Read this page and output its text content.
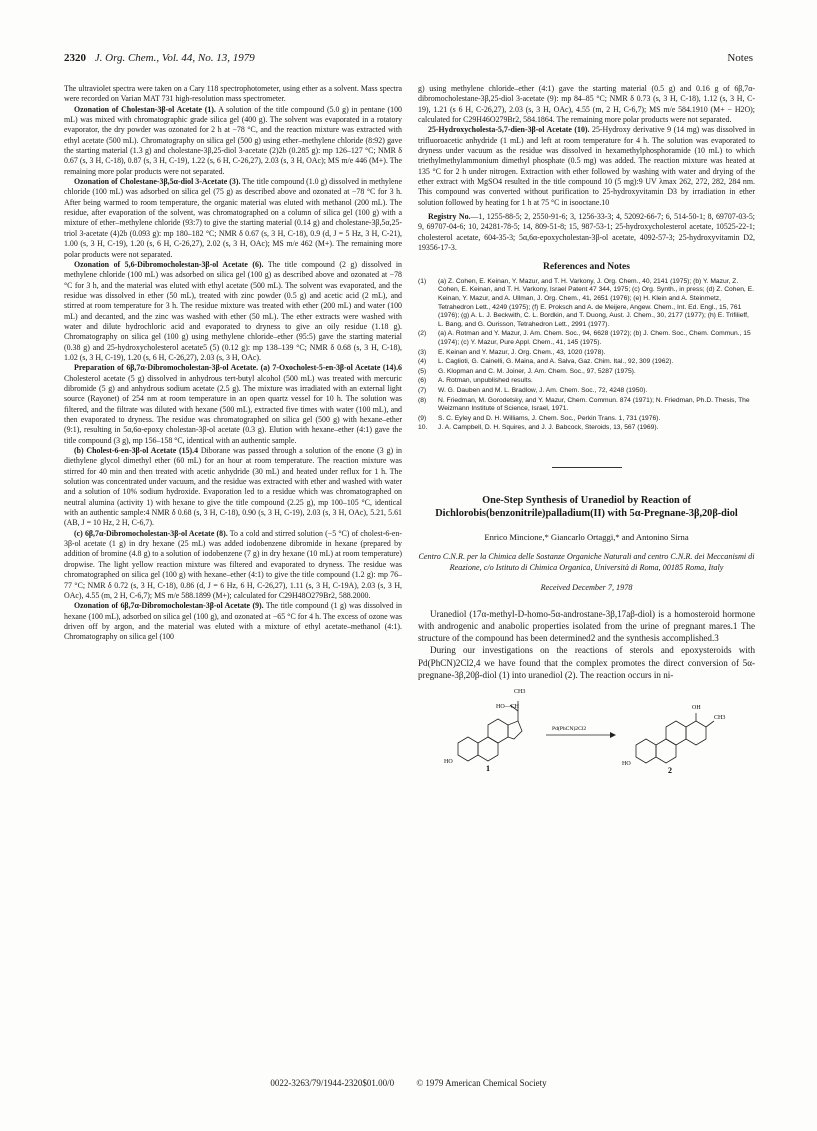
2320 J. Org. Chem., Vol. 44, No. 13, 1979	Notes

The ultraviolet spectra were taken on a Cary 118 spectrophotometer, using ether as a solvent. Mass spectra were recorded on Varian MAT 731 high-resolution mass spectrometer.

Ozonation of Cholestan-3β-ol Acetate (1). A solution of the title compound (5.0 g) in pentane (100 mL) was mixed with chromatographic grade silica gel (400 g). The solvent was evaporated in a rotatory evaporator, the dry powder was ozonated for 2 h at −78 °C, and the reaction mixture was extracted with ethyl acetate (500 mL). Chromatography on silica gel (500 g) using ether–methylene chloride (8:92) gave the starting material (1.3 g) and cholestane-3β,25-diol 3-acetate (2)2b (0.285 g): mp 126–127 °C; NMR δ 0.67 (s, 3 H, C-18), 0.87 (s, 3 H, C-19), 1.22 (s, 6 H, C-26,27), 2.03 (s, 3 H, OAc); MS m/e 446 (M+). The remaining more polar products were not separated.

Ozonation of Cholestane-3β,5α-diol 3-Acetate (3). The title compound (1.0 g) dissolved in methylene chloride (100 mL) was adsorbed on silica gel (75 g) as described above and ozonated at −78 °C for 3 h. After being warmed to room temperature, the organic material was eluted with methanol (200 mL). The residue, after evaporation of the solvent, was chromatographed on a column of silica gel (100 g) with a mixture of ether–methylene chloride (93:7) to give the starting material (0.14 g) and cholestane-3β,5α,25-triol 3-acetate (4)2b (0.093 g): mp 180–182 °C; NMR δ 0.67 (s, 3 H, C-18), 0.9 (d, J = 5 Hz, 3 H, C-21), 1.00 (s, 3 H, C-19), 1.20 (s, 6 H, C-26,27), 2.02 (s, 3 H, OAc); MS m/e 462 (M+). The remaining more polar products were not separated.

Ozonation of 5,6-Dibromocholestan-3β-ol Acetate (6). The title compound (2 g) dissolved in methylene chloride (100 mL) was adsorbed on silica gel (100 g) as described above and ozonated at −78 °C for 3 h, and the material was eluted with ethyl acetate (500 mL). The solvent was evaporated, and the residue was dissolved in ether (50 mL), treated with zinc powder (0.5 g) and acetic acid (2 mL), and stirred at room temperature for 3 h. The residue mixture was treated with ether (200 mL) and water (100 mL) and decanted, and the zinc was washed with ether (50 mL). The ether extracts were washed with water and dilute hydrochloric acid and evaporated to dryness to give an oily residue (1.18 g). Chromatography on silica gel (100 g) using methylene chloride–ether (95:5) gave the starting material (0.38 g) and 25-hydroxycholesterol acetate5 (5) (0.12 g): mp 138–139 °C; NMR δ 0.68 (s, 3 H, C-18), 1.02 (s, 3 H, C-19), 1.20 (s, 6 H, C-26,27), 2.03 (s, 3 H, OAc).

Preparation of 6β,7α-Dibromocholestan-3β-ol Acetate. (a) 7-Oxocholest-5-en-3β-ol Acetate (14).6 Cholesterol acetate (5 g) dissolved in anhydrous tert-butyl alcohol (500 mL) was treated with mercuric dibromide (5 g) and anhydrous sodium acetate (2.5 g). The mixture was irradiated with an external light source (Rayonet) of 254 nm at room temperature in an open quartz vessel for 10 h. The solution was filtered, and the filtrate was diluted with hexane (500 mL), extracted five times with water (100 mL), and then evaporated to dryness. The residue was chromatographed on silica gel (500 g) with hexane–ether (9:1), resulting in 5α,6α-epoxy cholestan-3β-ol acetate (0.3 g). Elution with hexane–ether (4:1) gave the title compound (3 g), mp 156–158 °C, identical with an authentic sample.

(b) Cholest-6-en-3β-ol Acetate (15).4 Diborane was passed through a solution of the enone (3 g) in diethylene glycol dimethyl ether (60 mL) for an hour at room temperature. The reaction mixture was stirred for 40 min and then treated with acetic anhydride (30 mL) and heated under reflux for 1 h. The solution was concentrated under vacuum, and the residue was extracted with ether and washed with water and a solution of 10% sodium hydroxide. Evaporation led to a residue which was chromatographed on neutral alumina (activity 1) with hexane to give the title compound (2.25 g), mp 100–105 °C, identical with an authentic sample:4 NMR δ 0.68 (s, 3 H, C-18), 0.90 (s, 3 H, C-19), 2.03 (s, 3 H, OAc), 5.21, 5.61 (AB, J = 10 Hz, 2 H, C-6,7).

(c) 6β,7α-Dibromocholestan-3β-ol Acetate (8). To a cold and stirred solution (−5 °C) of cholest-6-en-3β-ol acetate (1 g) in dry hexane (25 mL) was added iodobenzene dibromide in hexane (prepared by addition of bromine (4.8 g) to a solution of iodobenzene (7 g) in dry hexane (10 mL) at room temperature) dropwise. The light yellow reaction mixture was filtered and evaporated to dryness. The residue was chromatographed on silica gel (100 g) with hexane–ether (4:1) to give the title compound (1.2 g): mp 76–77 °C; NMR δ 0.72 (s, 3 H, C-18), 0.86 (d, J = 6 Hz, 6 H, C-26,27), 1.11 (s, 3 H, C-19A), 2.03 (s, 3 H, OAc), 4.55 (m, 2 H, C-6,7); MS m/e 588.1899 (M+); calculated for C29H48O279Br2, 588.2000.

Ozonation of 6β,7α-Dibromocholestan-3β-ol Acetate (9). The title compound (1 g) was dissolved in hexane (100 mL), adsorbed on silica gel (100 g), and ozonated at −65 °C for 4 h. The excess of ozone was driven off by argon, and the material was eluted with a mixture of ethyl acetate–methanol (4:1). Chromatography on silica gel (100

g) using methylene chloride–ether (4:1) gave the starting material (0.5 g) and 0.16 g of 6β,7α-dibromocholestane-3β,25-diol 3-acetate (9): mp 84–85 °C; NMR δ 0.73 (s, 3 H, C-18), 1.12 (s, 3 H, C-19), 1.21 (s 6 H, C-26,27), 2.03 (s, 3 H, OAc), 4.55 (m, 2 H, C-6,7); MS m/e 584.1910 (M+ − H2O); calculated for C29H46O279Br2, 584.1864. The remaining more polar products were not separated.

25-Hydroxycholesta-5,7-dien-3β-ol Acetate (10). 25-Hydroxy derivative 9 (14 mg) was dissolved in trifluoroacetic anhydride (1 mL) and left at room temperature for 4 h. The solution was evaporated to dryness under vacuum as the residue was dissolved in hexamethylphosphoramide (10 mL) to which triethylmethylammonium dimethyl phosphate (0.5 mg) was added. The reaction mixture was heated at 135 °C for 2 h under nitrogen. Extraction with ether followed by washing with water and drying of the ether extract with MgSO4 resulted in the title compound 10 (5 mg):9 UV λmax 262, 272, 282, 284 nm. This compound was converted without purification to 25-hydroxyvitamin D3 by irradiation in ether solution followed by heating for 1 h at 75 °C in isooctane.10

Registry No.—1, 1255-88-5; 2, 2550-91-6; 3, 1256-33-3; 4, 52092-66-7; 6, 514-50-1; 8, 69707-03-5; 9, 69707-04-6; 10, 24281-78-5; 14, 809-51-8; 15, 987-53-1; 25-hydroxycholesterol acetate, 10525-22-1; cholesterol acetate, 604-35-3; 5α,6α-epoxycholestan-3β-ol acetate, 4092-57-3; 25-hydroxyvitamin D2, 19356-17-3.

References and Notes
(1)	(a) Z. Cohen, E. Keinan, Y. Mazur, and T. H. Varkony, J. Org. Chem., 40, 2141 (1975); (b) Y. Mazur, Z. Cohen, E. Keinan, and T. H. Varkony, Israel Patent 47 344, 1975; (c) Org. Synth., in press; (d) Z. Cohen, E. Keinan, Y. Mazur, and A. Ullman, J. Org. Chem., 41, 2651 (1976); (e) H. Klein and A. Steinmetz, Tetrahedron Lett., 4249 (1975); (f) E. Proksch and A. de Meijere, Angew. Chem., Int. Ed. Engl., 15, 761 (1976); (g) A. L. J. Beckwith, C. L. Bordkin, and T. Duong, Aust. J. Chem., 30, 2177 (1977); (h) E. Trifilieff, L. Bang, and G. Ourisson, Tetrahedron Lett., 2991 (1977).
(2)	(a) A. Rotman and Y. Mazur, J. Am. Chem. Soc., 94, 6628 (1972); (b) J. Chem. Soc., Chem. Commun., 15 (1974); (c) Y. Mazur, Pure Appl. Chem., 41, 145 (1975).
(3)	E. Keinan and Y. Mazur, J. Org. Chem., 43, 1020 (1978).
(4)	L. Caglioti, G. Cainelli, G. Maina, and A. Salva, Gaz. Chim. Ital., 92, 309 (1962).
(5)	G. Klopman and C. M. Joiner, J. Am. Chem. Soc., 97, 5287 (1975).
(6)	A. Rotman, unpublished results.
(7)	W. G. Dauben and M. L. Bradlow, J. Am. Chem. Soc., 72, 4248 (1950).
(8)	N. Friedman, M. Gorodetsky, and Y. Mazur, Chem. Commun. 874 (1971); N. Friedman, Ph.D. Thesis, The Weizmann Institute of Science, Israel, 1971.
(9)	S. C. Eyley and D. H. Williams, J. Chem. Soc., Perkin Trans. 1, 731 (1976).
10.	J. A. Campbell, D. H. Squires, and J. J. Babcock, Steroids, 13, 567 (1969).
One-Step Synthesis of Uranediol by Reaction of Dichlorobis(benzonitrile)palladium(II) with 5α-Pregnane-3β,20β-diol
Enrico Mincione,* Giancarlo Ortaggi,* and Antonino Sirna
Centro C.N.R. per la Chimica delle Sostanze Organiche Naturali and centro C.N.R. dei Meccanismi di Reazione, c/o Istituto di Chimica Organica, Università di Roma, 00185 Roma, Italy
Received December 7, 1978

Uranediol (17α-methyl-D-homo-5α-androstane-3β,17aβ-diol) is a homosteroid hormone with androgenic and anabolic properties isolated from the urine of pregnant mares.1 The structure of the compound has been determined2 and the synthesis accomplished.3

During our investigations on the reactions of sterols and epoxysteroids with Pd(PhCN)2Cl2,4 we have found that the complex promotes the direct conversion of 5α-pregnane-3β,20β-diol (1) into uranediol (2). The reaction occurs in ni-

CH3
HO—CH
HO
1
Pd(PhCN)2Cl2
OH
CH3
HO
2
0022-3263/79/1944-2320$01.00/0 © 1979 American Chemical Society
